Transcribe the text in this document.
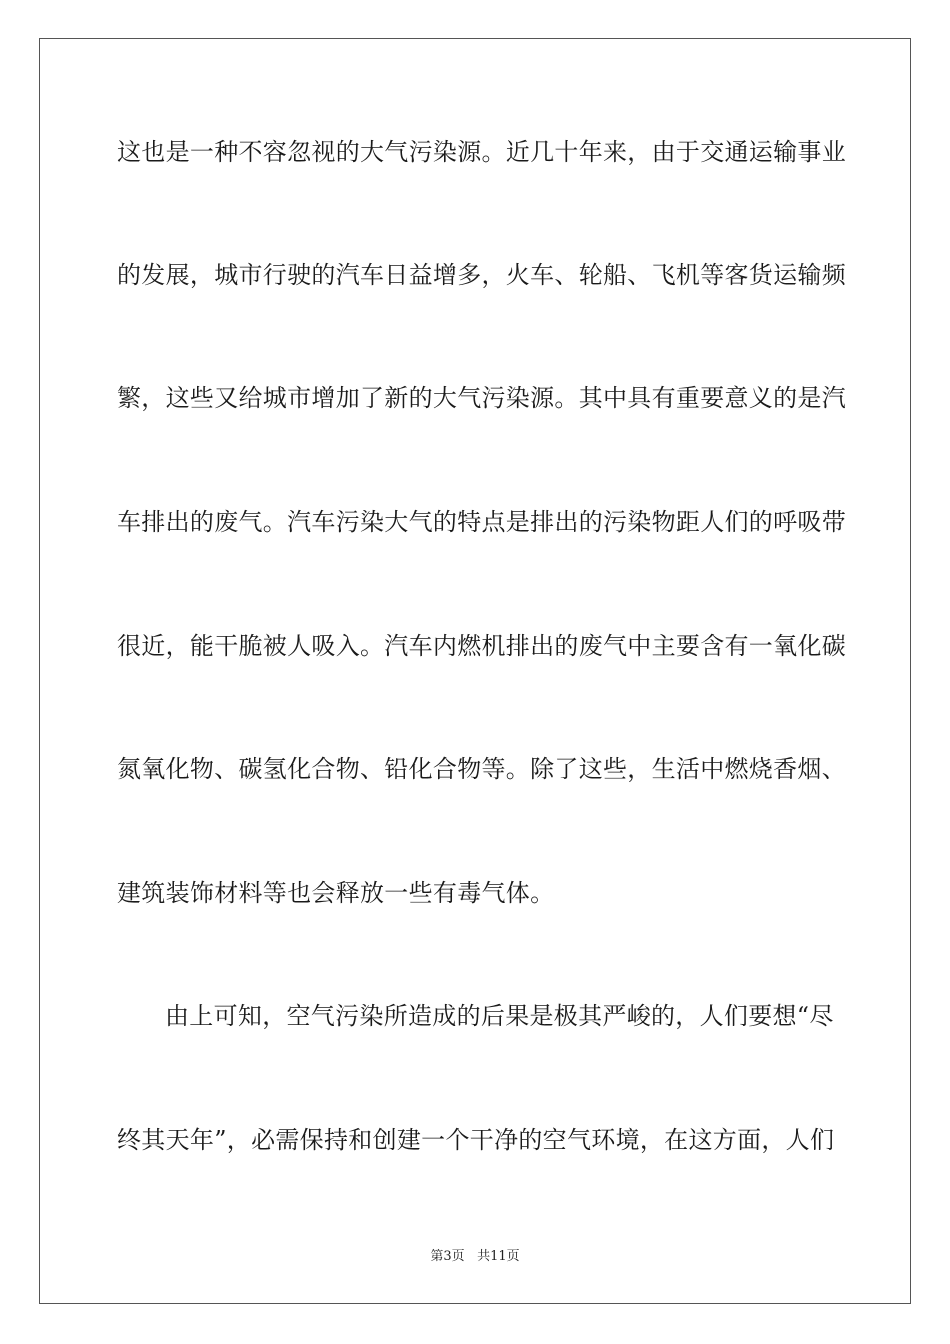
这也是一种不容忽视的大气污染源。近几十年来，由于交通运输事业
的发展，城市行驶的汽车日益增多，火车、轮船、飞机等客货运输频
繁，这些又给城市增加了新的大气污染源。其中具有重要意义的是汽
车排出的废气。汽车污染大气的特点是排出的污染物距人们的呼吸带
很近，能干脆被人吸入。汽车内燃机排出的废气中主要含有一氧化碳
氮氧化物、碳氢化合物、铅化合物等。除了这些，生活中燃烧香烟、
建筑装饰材料等也会释放一些有毒气体。
由上可知，空气污染所造成的后果是极其严峻的，人们要想“尽
终其天年”，必需保持和创建一个干净的空气环境，在这方面，人们
第3页 共11页
